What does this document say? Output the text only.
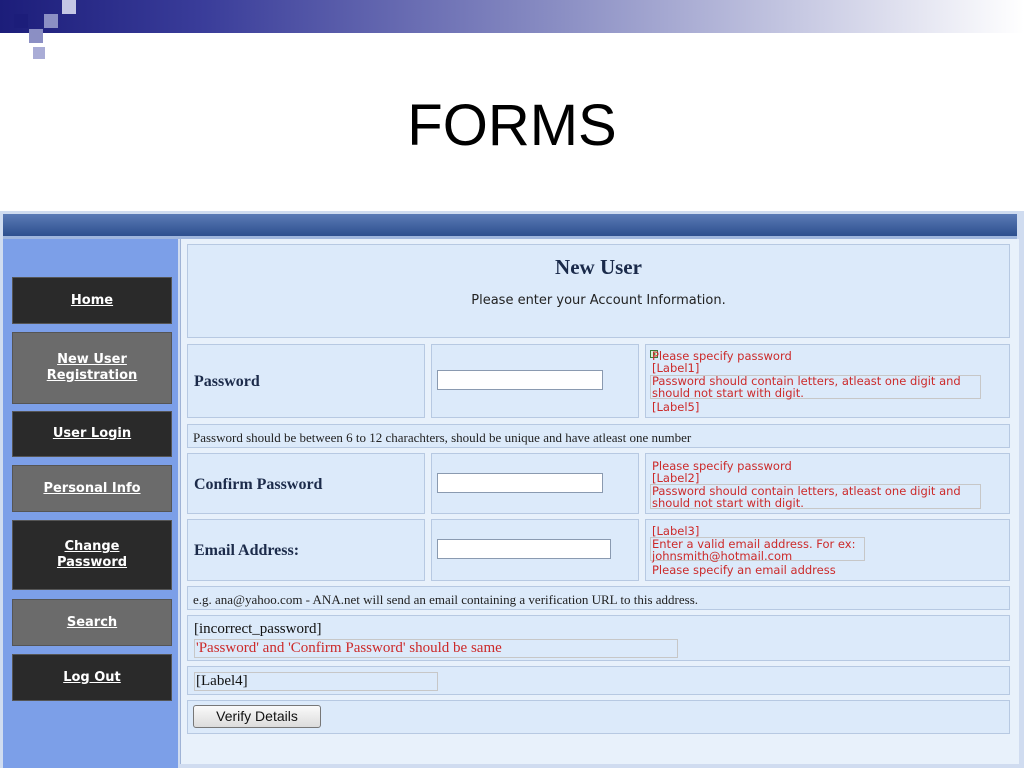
FORMS
Home
New User Registration
User Login
Personal Info
Change Password
Search
Log Out
New User
Please enter your Account Information.
Password
Please specify password
[Label1]
Password should contain letters, atleast one digit and should not start with digit.
[Label5]
Password should be between 6 to 12 charachters, should be unique and have atleast one number
Confirm Password
Please specify password
[Label2]
Password should contain letters, atleast one digit and should not start with digit.
Email Address:
[Label3]
Enter a valid email address. For ex: johnsmith@hotmail.com
Please specify an email address
e.g. ana@yahoo.com - ANA.net will send an email containing a verification URL to this address.
[incorrect_password]
'Password' and 'Confirm Password' should be same
[Label4]
Verify Details
